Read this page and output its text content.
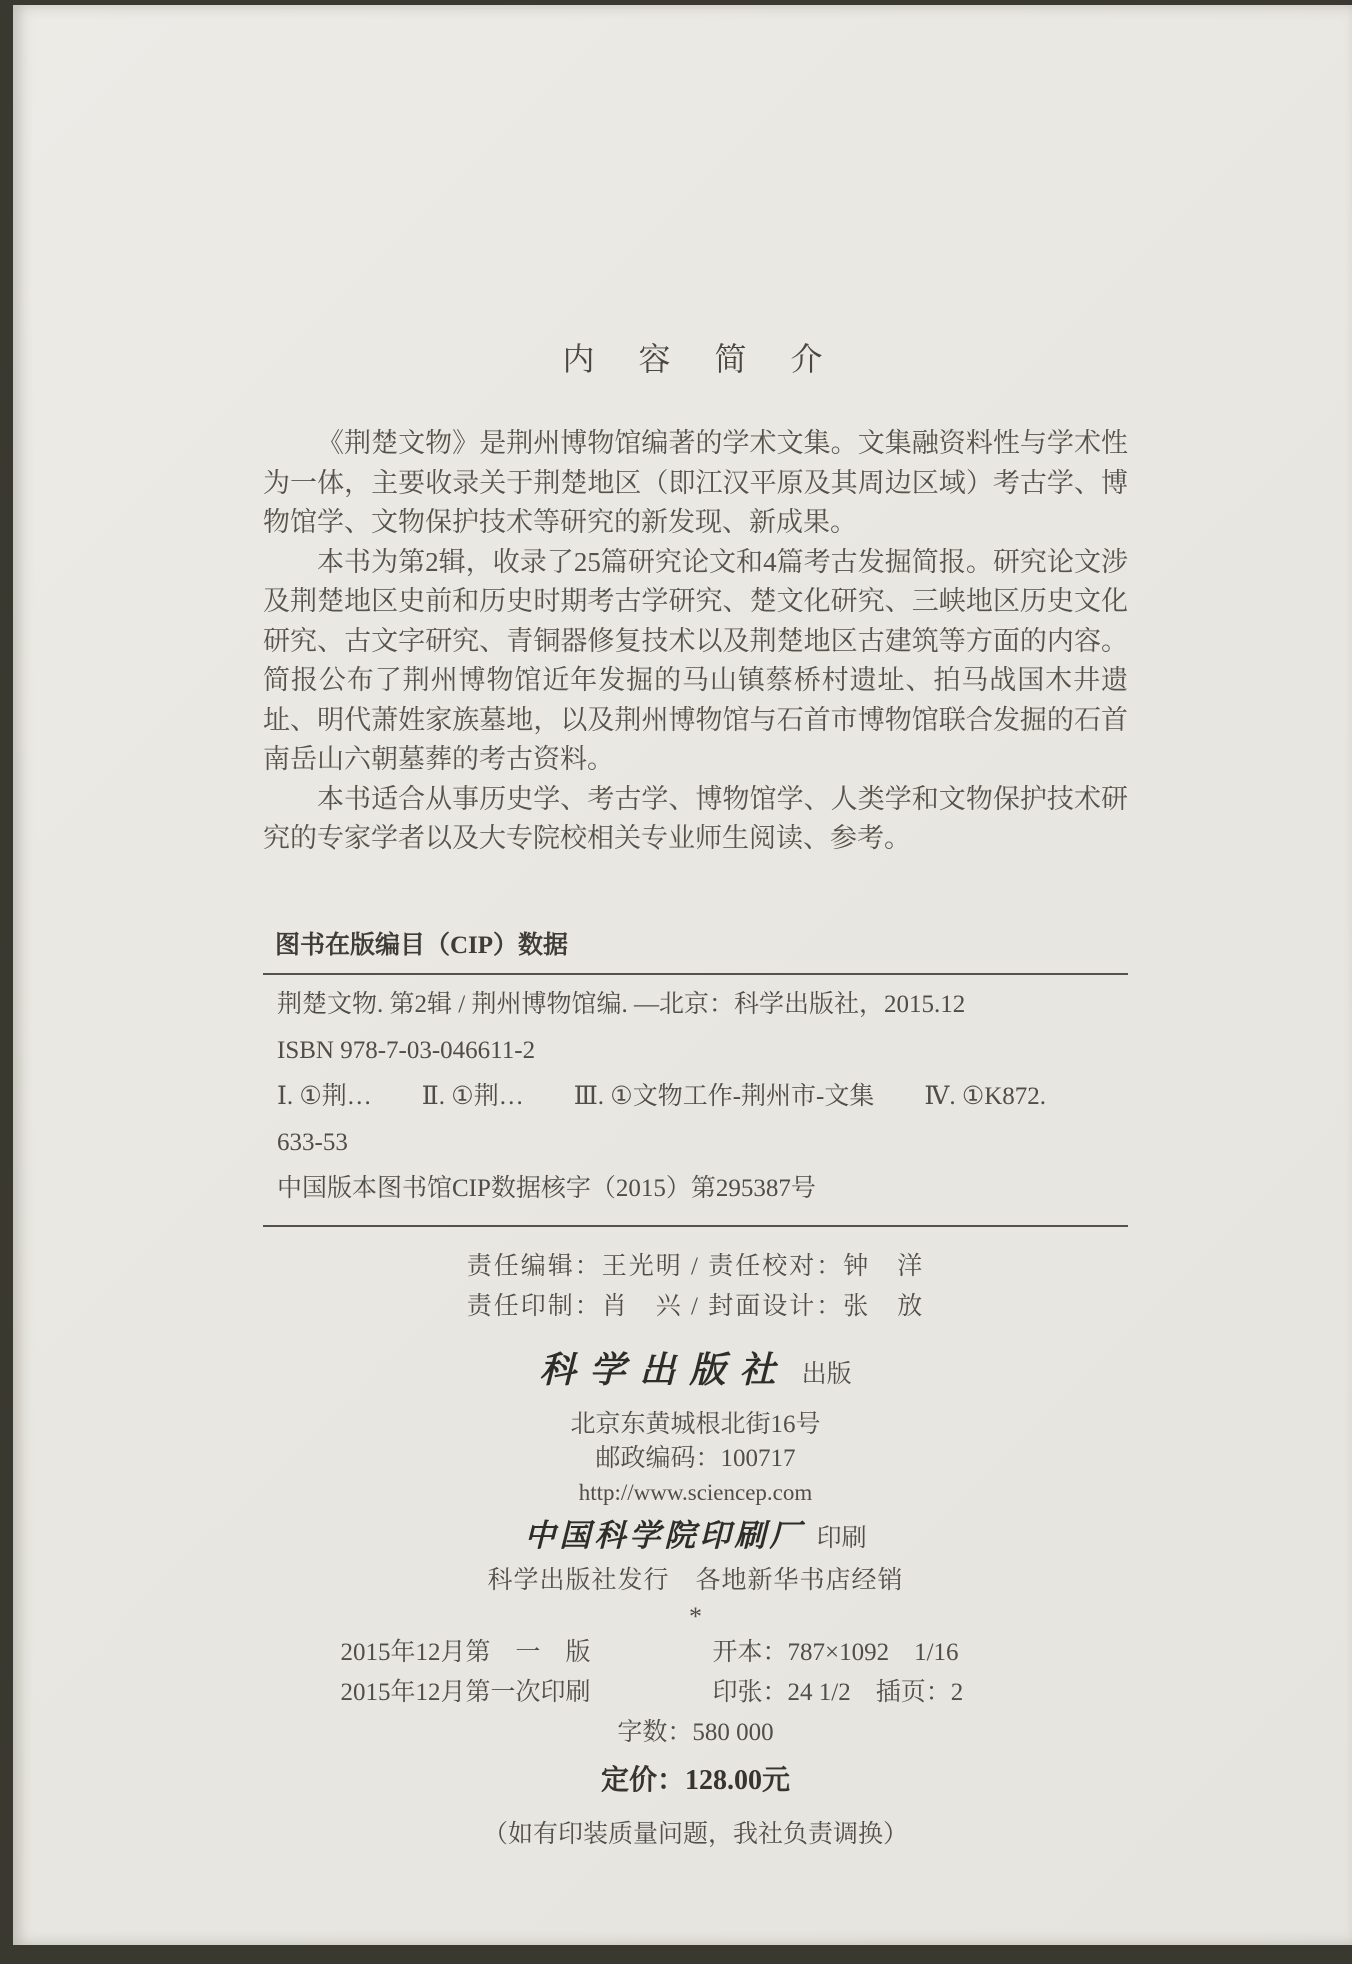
内　容　简　介

《荆楚文物》是荆州博物馆编著的学术文集。文集融资料性与学术性为一体，主要收录关于荆楚地区（即江汉平原及其周边区域）考古学、博物馆学、文物保护技术等研究的新发现、新成果。

本书为第2辑，收录了25篇研究论文和4篇考古发掘简报。研究论文涉及荆楚地区史前和历史时期考古学研究、楚文化研究、三峡地区历史文化研究、古文字研究、青铜器修复技术以及荆楚地区古建筑等方面的内容。简报公布了荆州博物馆近年发掘的马山镇蔡桥村遗址、拍马战国木井遗址、明代萧姓家族墓地，以及荆州博物馆与石首市博物馆联合发掘的石首南岳山六朝墓葬的考古资料。

本书适合从事历史学、考古学、博物馆学、人类学和文物保护技术研究的专家学者以及大专院校相关专业师生阅读、参考。

图书在版编目（CIP）数据

荆楚文物. 第2辑 / 荆州博物馆编. —北京：科学出版社，2015.12

ISBN 978-7-03-046611-2

Ⅰ. ①荆…　　Ⅱ. ①荆…　　Ⅲ. ①文物工作-荆州市-文集　　Ⅳ. ①K872.

633-53

中国版本图书馆CIP数据核字（2015）第295387号

责任编辑：王光明 / 责任校对：钟　洋

责任印制：肖　兴 / 封面设计：张　放

科学出版社 出版

北京东黄城根北街16号

邮政编码：100717

http://www.sciencep.com

中国科学院印刷厂 印刷

科学出版社发行　各地新华书店经销

*

2015年12月第　一　版	开本：787×1092　1/16
2015年12月第一次印刷	印张：24 1/2　插页：2

字数：580 000

定价：128.00元

（如有印装质量问题，我社负责调换）
